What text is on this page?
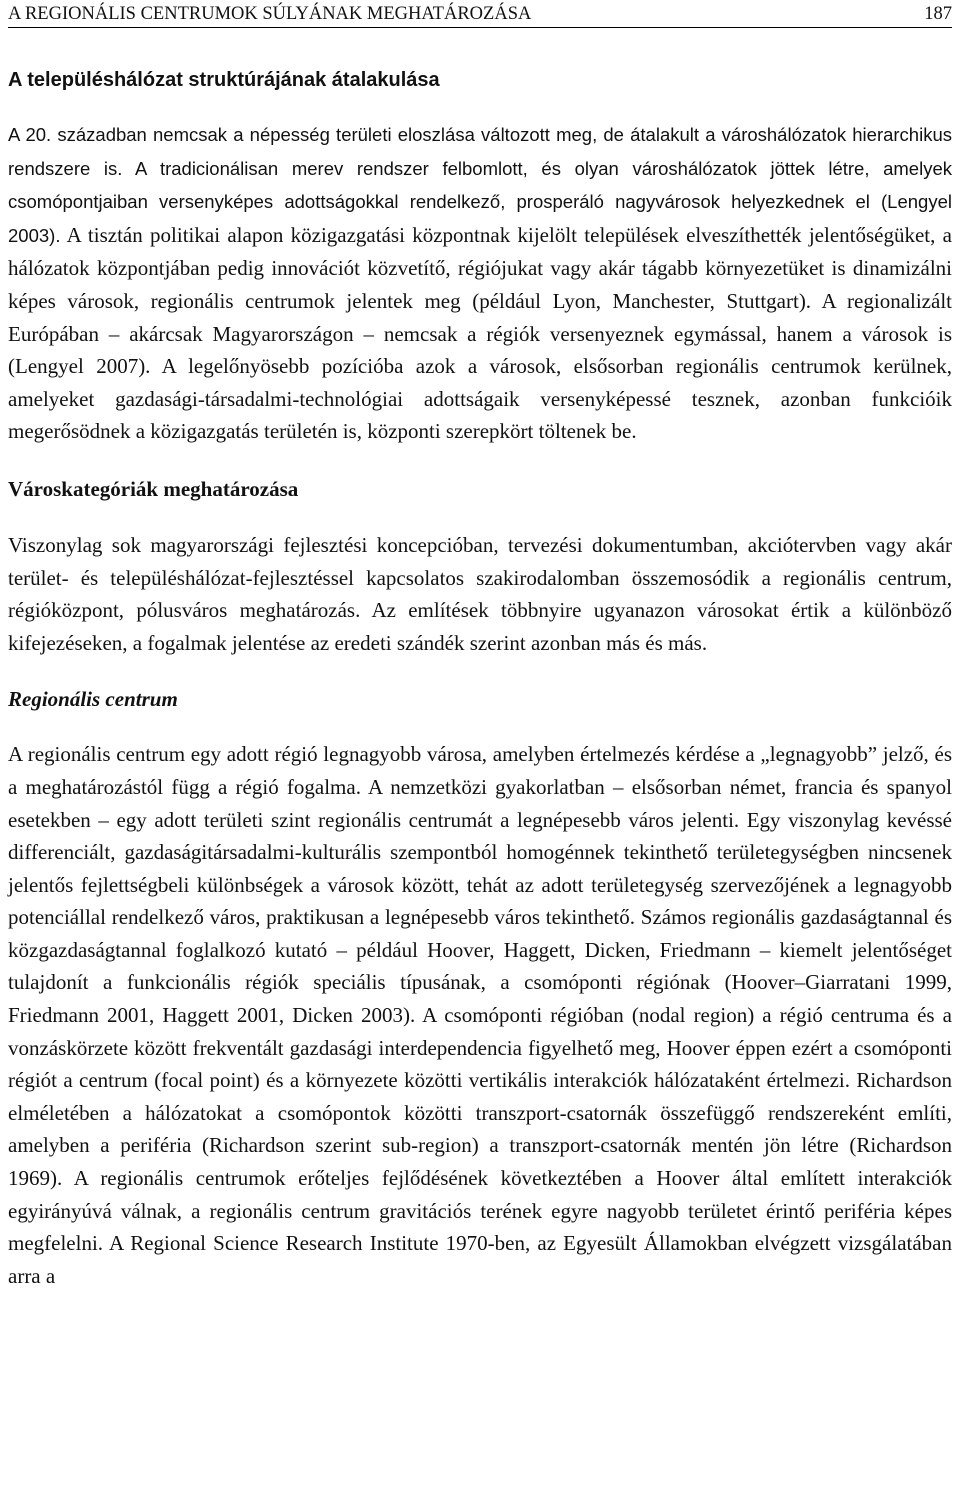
A REGIONÁLIS CENTRUMOK SÚLYÁNAK MEGHATÁROZÁSA	187
A településhálózat struktúrájának átalakulása

A 20. században nemcsak a népesség területi eloszlása változott meg, de átalakult a városhálózatok hierarchikus rendszere is. A tradicionálisan merev rendszer felbomlott, és olyan városhálózatok jöttek létre, amelyek csomópontjaiban versenyképes adottságokkal rendelkező, prosperáló nagyvárosok helyezkednek el (Lengyel 2003). A tisztán politikai alapon közigazgatási központnak kijelölt települések elveszíthették jelentőségüket, a hálózatok központjában pedig innovációt közvetítő, régiójukat vagy akár tágabb környezetüket is dinamizálni képes városok, regionális centrumok jelentek meg (például Lyon, Manchester, Stuttgart). A regionalizált Európában – akárcsak Magyarországon – nemcsak a régiók versenyeznek egymással, hanem a városok is (Lengyel 2007). A legelőnyösebb pozícióba azok a városok, elsősorban regionális centrumok kerülnek, amelyeket gazdasági-társadalmi-technológiai adottságaik versenyképessé tesznek, azonban funkcióik megerősödnek a közigazgatás területén is, központi szerepkört töltenek be.

Városkategóriák meghatározása

Viszonylag sok magyarországi fejlesztési koncepcióban, tervezési dokumentumban, akciótervben vagy akár terület- és településhálózat-fejlesztéssel kapcsolatos szakirodalomban összemosódik a regionális centrum, régióközpont, pólusváros meghatározás. Az említések többnyire ugyanazon városokat értik a különböző kifejezéseken, a fogalmak jelentése az eredeti szándék szerint azonban más és más.

Regionális centrum

A regionális centrum egy adott régió legnagyobb városa, amelyben értelmezés kérdése a „legnagyobb” jelző, és a meghatározástól függ a régió fogalma. A nemzetközi gyakorlatban – elsősorban német, francia és spanyol esetekben – egy adott területi szint regionális centrumát a legnépesebb város jelenti. Egy viszonylag kevéssé differenciált, gazdaságitársadalmi-kulturális szempontból homogénnek tekinthető területegységben nincsenek jelentős fejlettségbeli különbségek a városok között, tehát az adott területegység szervezőjének a legnagyobb potenciállal rendelkező város, praktikusan a legnépesebb város tekinthető. Számos regionális gazdaságtannal és közgazdaságtannal foglalkozó kutató – például Hoover, Haggett, Dicken, Friedmann – kiemelt jelentőséget tulajdonít a funkcionális régiók speciális típusának, a csomóponti régiónak (Hoover–Giarratani 1999, Friedmann 2001, Haggett 2001, Dicken 2003). A csomóponti régióban (nodal region) a régió centruma és a vonzáskörzete között frekventált gazdasági interdependencia figyelhető meg, Hoover éppen ezért a csomóponti régiót a centrum (focal point) és a környezete közötti vertikális interakciók hálózataként értelmezi. Richardson elméletében a hálózatokat a csomópontok közötti transzport-csatornák összefüggő rendszereként említi, amelyben a periféria (Richardson szerint sub-region) a transzport-csatornák mentén jön létre (Richardson 1969). A regionális centrumok erőteljes fejlődésének következtében a Hoover által említett interakciók egyirányúvá válnak, a regionális centrum gravitációs terének egyre nagyobb területet érintő periféria képes megfelelni. A Regional Science Research Institute 1970-ben, az Egyesült Államokban elvégzett vizsgálatában arra a
